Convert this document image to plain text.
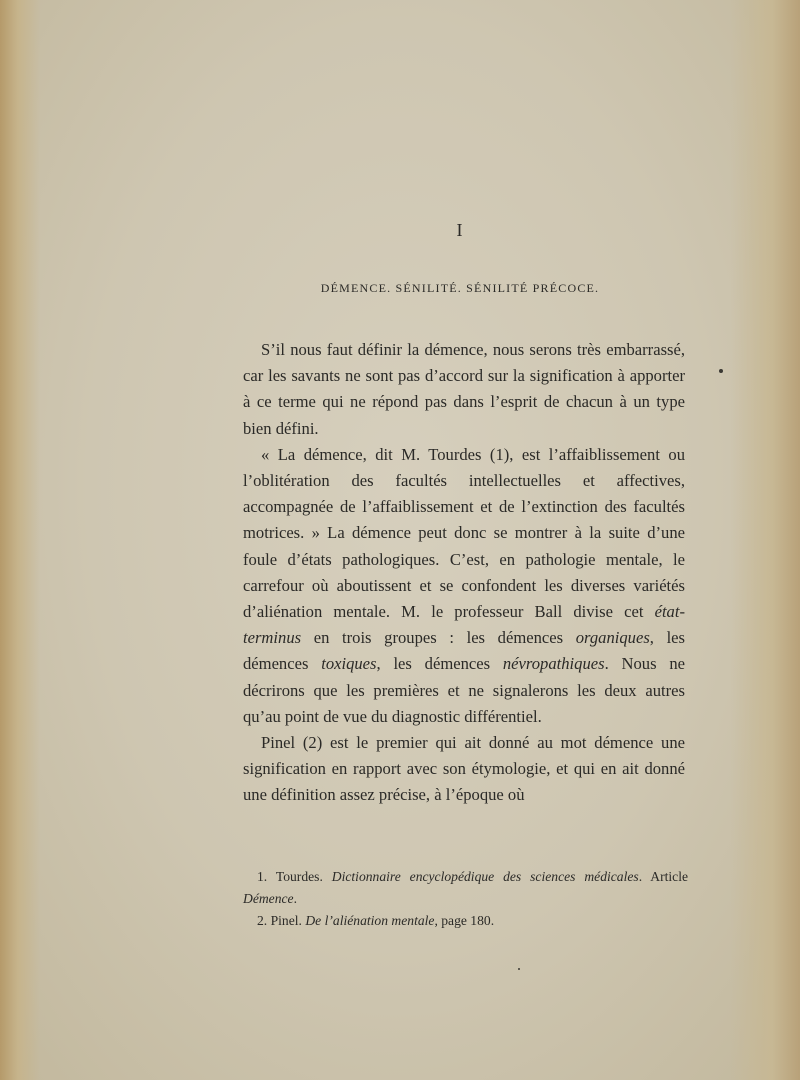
I
DÉMENCE. SÉNILITÉ. SÉNILITÉ PRÉCOCE.

S’il nous faut définir la démence, nous serons très embarrassé, car les savants ne sont pas d’accord sur la signification à apporter à ce terme qui ne répond pas dans l’esprit de chacun à un type bien défini.

« La démence, dit M. Tourdes (1), est l’affaiblissement ou l’oblitération des facultés intellectuelles et affectives, accompagnée de l’affaiblissement et de l’extinction des facultés motrices. » La démence peut donc se montrer à la suite d’une foule d’états pathologiques. C’est, en pathologie mentale, le carrefour où aboutissent et se confondent les diverses variétés d’aliénation mentale. M. le professeur Ball divise cet état-terminus en trois groupes : les démences organiques, les démences toxiques, les démences névropathiques. Nous ne décrirons que les premières et ne signalerons les deux autres qu’au point de vue du diagnostic différentiel.

Pinel (2) est le premier qui ait donné au mot démence une signification en rapport avec son étymologie, et qui en ait donné une définition assez précise, à l’époque où

1. Tourdes. Dictionnaire encyclopédique des sciences médicales. Article Démence.

2. Pinel. De l’aliénation mentale, page 180.
